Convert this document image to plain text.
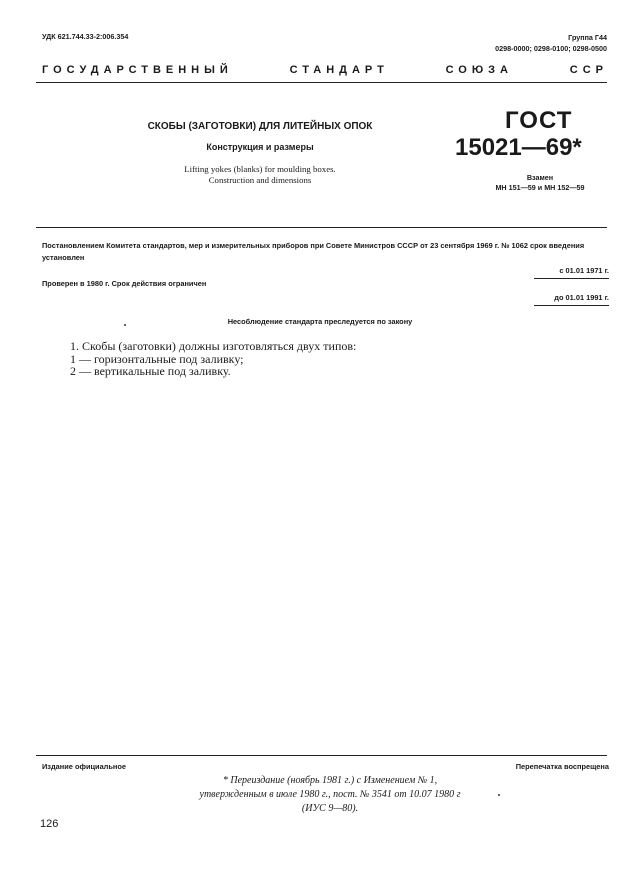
УДК 621.744.33-2:006.354	Группа Г44
0298-0000; 0298-0100; 0298-0500
ГОСУДАРСТВЕННЫЙ	СТАНДАРТ	СОЮЗА	ССР
СКОБЫ (ЗАГОТОВКИ) ДЛЯ ЛИТЕЙНЫХ ОПОК
Конструкция и размеры
Lifting yokes (blanks) for moulding boxes.
Construction and dimensions
ГОСТ
15021—69*
Взамен
МН 151—59 и МН 152—59
Постановлением Комитета стандартов, мер и измерительных приборов при Совете Министров СССР от 23 сентября 1969 г. № 1062 срок введения установлен
с 01.01 1971 г.
Проверен в 1980 г. Срок действия ограничен
до 01.01 1991 г.
Несоблюдение стандарта преследуется по закону
1. Скобы (заготовки) должны изготовляться двух типов:
1 — горизонтальные под заливку;
2 — вертикальные под заливку.
Издание официальное	Перепечатка воспрещена
* Переиздание (ноябрь 1981 г.) с Изменением № 1,
утвержденным в июле 1980 г., пост. № 3541 от 10.07 1980 г
(ИУС 9—80).
126
